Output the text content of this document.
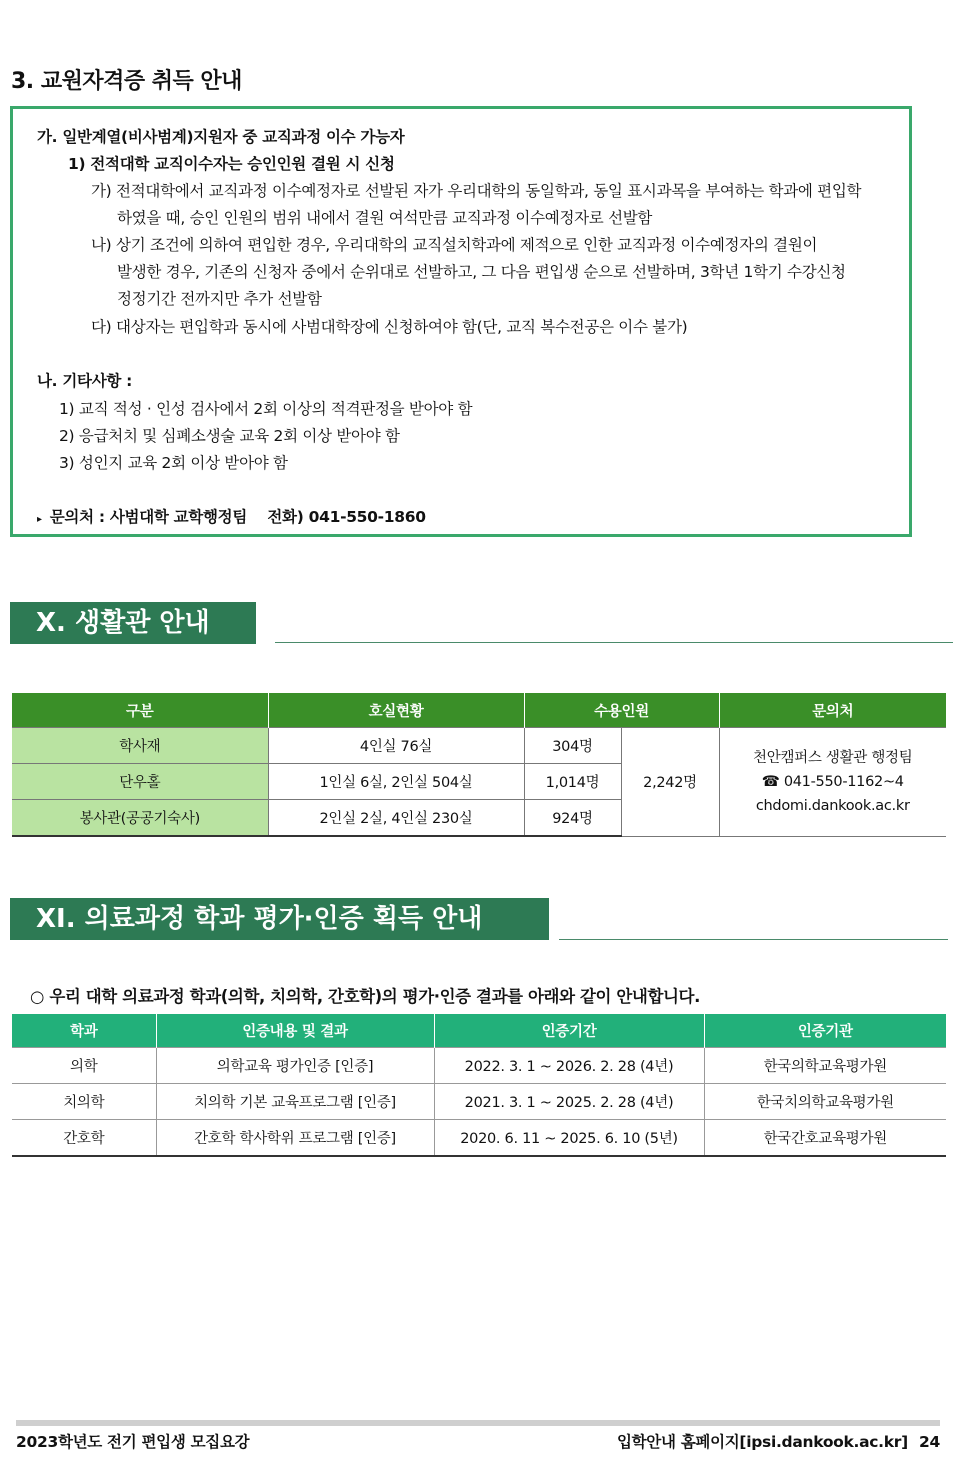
3. 교원자격증 취득 안내
가. 일반계열(비사범계)지원자 중 교직과정 이수 가능자
1) 전적대학 교직이수자는 승인인원 결원 시 신청
가) 전적대학에서 교직과정 이수예정자로 선발된 자가 우리대학의 동일학과, 동일 표시과목을 부여하는 학과에 편입학
하였을 때, 승인 인원의 범위 내에서 결원 여석만큼 교직과정 이수예정자로 선발함
나) 상기 조건에 의하여 편입한 경우, 우리대학의 교직설치학과에 제적으로 인한 교직과정 이수예정자의 결원이
발생한 경우, 기존의 신청자 중에서 순위대로 선발하고, 그 다음 편입생 순으로 선발하며, 3학년 1학기 수강신청
정정기간 전까지만 추가 선발함
다) 대상자는 편입학과 동시에 사범대학장에 신청하여야 함(단, 교직 복수전공은 이수 불가)
나. 기타사항 :
1) 교직 적성 · 인성 검사에서 2회 이상의 적격판정을 받아야 함
2) 응급처치 및 심폐소생술 교육 2회 이상 받아야 함
3) 성인지 교육 2회 이상 받아야 함
▸ 문의처 : 사범대학 교학행정팀    전화) 041-550-1860
X. 생활관 안내
구분	호실현황	수용인원		문의처
학사재	4인실 76실	304명	2,242명	천안캠퍼스 생활관 행정팀
☎ 041-550-1162~4
chdomi.dankook.ac.kr

단우홀	1인실 6실, 2인실 504실	1,014명		
봉사관(공공기숙사)	2인실 2실, 4인실 230실	924명		
XI. 의료과정 학과 평가·인증 획득 안내
○ 우리 대학 의료과정 학과(의학, 치의학, 간호학)의 평가·인증 결과를 아래와 같이 안내합니다.
학과	인증내용 및 결과	인증기간	인증기관
의학	의학교육 평가인증 [인증]	2022. 3. 1 ~ 2026. 2. 28 (4년)	한국의학교육평가원
치의학	치의학 기본 교육프로그램 [인증]	2021. 3. 1 ~ 2025. 2. 28 (4년)	한국치의학교육평가원
간호학	간호학 학사학위 프로그램 [인증]	2020. 6. 11 ~ 2025. 6. 10 (5년)	한국간호교육평가원
2023학년도 전기 편입생 모집요강	입학안내 홈페이지[ipsi.dankook.ac.kr] 24
